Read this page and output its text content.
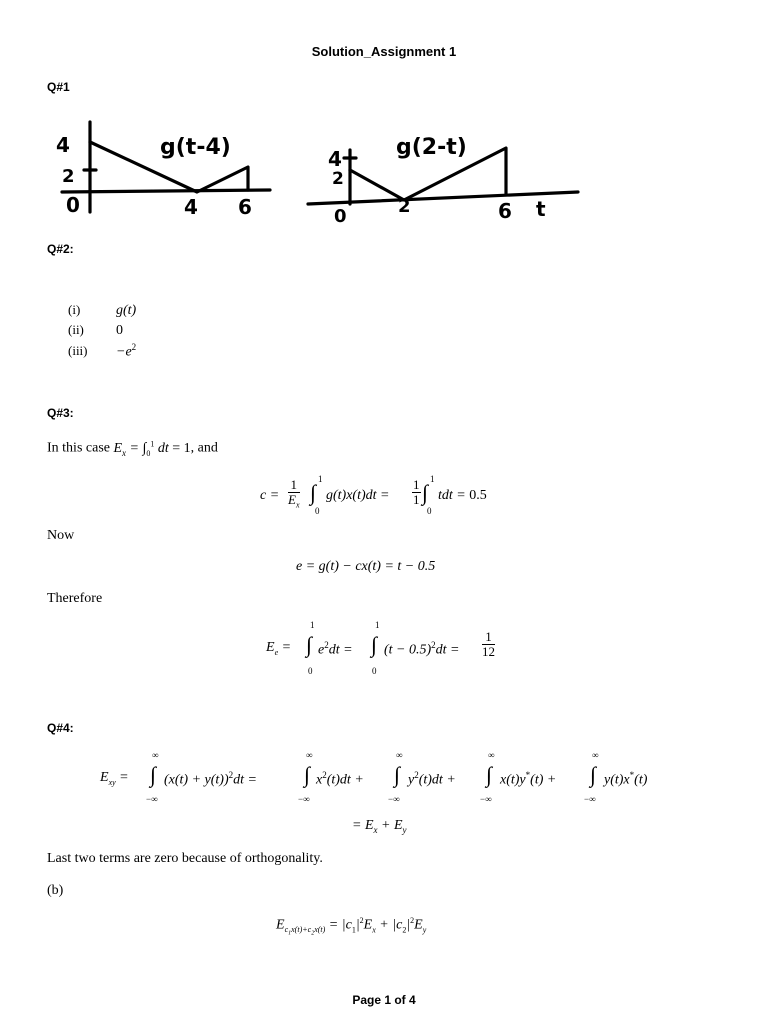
Solution_Assignment 1
Q#1
4
2
0	4 6
g(t-4)	4
2
0	2	6 t
g(2-t)
Q#2:
(i)	g(t)
(ii) 0
$(iii) -e^2$
Q#3:
In this case $E_x = \int_0^1$ dt = 1, and
$c = \frac{1}{E_x}$ ∫
1
0
$g(t)x(t)dt = \frac{1}{1}$ ∫
1
0
tdt = 0.5
Now
e = g(t) − cx(t) = t − 0.5
Therefore
$E_e$ =
1
∫
0
$e^2dt$ =
1
∫
0
$(t - 0.5)^2dt = \frac{1}{12}$
Q#4:
$E_{xy}$ =
∞
∫
−∞
$(x(t) + y(t))^2dt$ =
∞
∫
−∞
$x^2(t)dt$ +
∞
∫
−∞
$y^2(t)dt$ +
∞
∫
−∞
x(t)y*(t) +
∞
∫
−∞
y(t)x*(t)
= $E_x + E_y$
Last two terms are zero because of orthogonality.
(b)
$E_{c_1x(t)+c_2x(t)} = |c_1|^2E_x + |c_2|^2E_y$
Page 1 of 4
